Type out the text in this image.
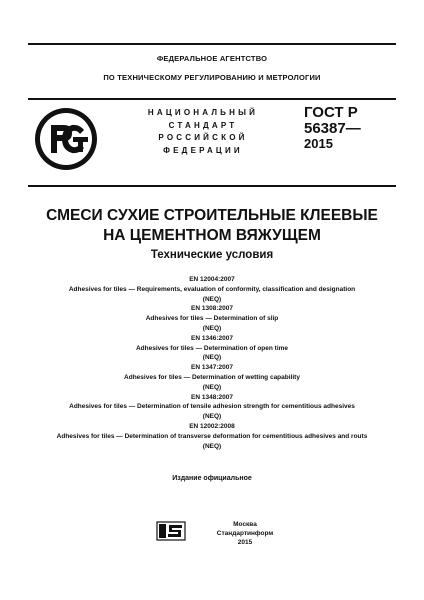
ФЕДЕРАЛЬНОЕ АГЕНТСТВО
ПО ТЕХНИЧЕСКОМУ РЕГУЛИРОВАНИЮ И МЕТРОЛОГИИ
НАЦИОНАЛЬНЫЙ
СТАНДАРТ
РОССИЙСКОЙ
ФЕДЕРАЦИИ
ГОСТ Р
56387—
2015
СМЕСИ СУХИЕ СТРОИТЕЛЬНЫЕ КЛЕЕВЫЕ
НА ЦЕМЕНТНОМ ВЯЖУЩЕМ
Технические условия
EN 12004:2007
Adhesives for tiles — Requirements, evaluation of conformity, classification and designation
(NEQ)
EN 1308:2007
Adhesives for tiles — Determination of slip
(NEQ)
EN 1346:2007
Adhesives for tiles — Determination of open time
(NEQ)
EN 1347:2007
Adhesives for tiles — Determination of wetting capability
(NEQ)
EN 1348:2007
Adhesives for tiles — Determination of tensile adhesion strength for cementitious adhesives
(NEQ)
EN 12002:2008
Adhesives for tiles — Determination of transverse deformation for cementitious adhesives and routs
(NEQ)
Издание официальное
Москва
Стандартинформ
2015
